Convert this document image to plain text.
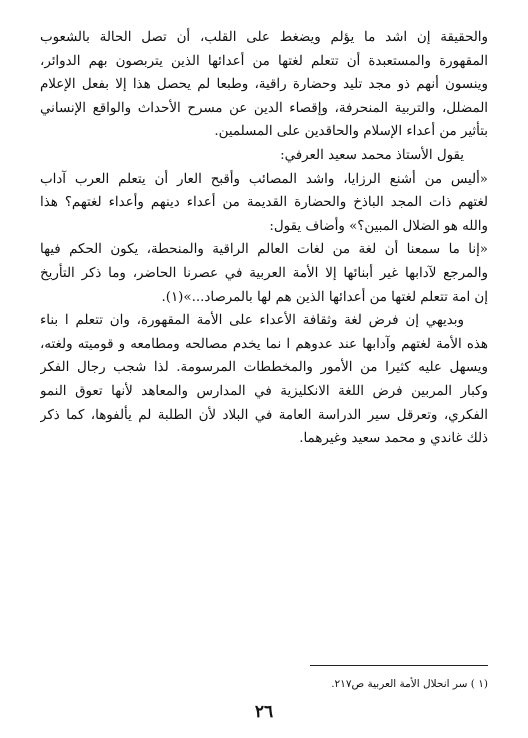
والحقيقة إن اشد ما يؤلم ويضغط على القلب، أن تصل الحالة بالشعوب
المقهورة والمستعبدة أن تتعلم لغتها من أعدائها الذين يتربصون بهم الدوائر،
وينسون أنهم ذو مجد تليد وحضارة راقية، وطبعا لم يحصل هذا إلا بفعل الإعلام
المضلل، والتربية المنحرفة، وإقصاء الدين عن مسرح الأحداث والواقع الإنساني
بتأثير من أعداء الإسلام والحاقدين على المسلمين.
يقول الأستاذ محمد سعيد العرفي:
«أليس من أشنع الرزايا، واشد المصائب وأقبح العار أن يتعلم العرب آداب
لغتهم ذات المجد الباذخ والحضارة القديمة من أعداء دينهم وأعداء لغتهم؟ هذا
والله هو الضلال المبين؟» وأضاف يقول:
«إنا ما سمعنا أن لغة من لغات العالم الراقية والمنحطة، يكون الحكم فيها
والمرجع لآدابها غير أبنائها إلا الأمة العربية في عصرنا الحاضر، وما ذكر التأريخ
إن امة تتعلم لغتها من أعدائها الذين هم لها بالمرصاد...»(١).
وبديهي إن فرض لغة وثقافة الأعداء على الأمة المقهورة، وان تتعلم ا بناء
هذه الأمة لغتهم وآدابها عند عدوهم ا نما يخدم مصالحه ومطامعه و قوميته ولغته،
ويسهل عليه كثيرا من الأمور والمخططات المرسومة. لذا شجب رجال الفكر
وكبار المربين فرض اللغة الانكليزية في المدارس والمعاهد لأنها تعوق النمو
الفكري، وتعرقل سير الدراسة العامة في البلاد لأن الطلبة لم يألفوها، كما ذكر
ذلك غاندي و محمد سعيد وغيرهما.
(١ ) سر انحلال الأمة العربية ص٢١٧.
٢٦
